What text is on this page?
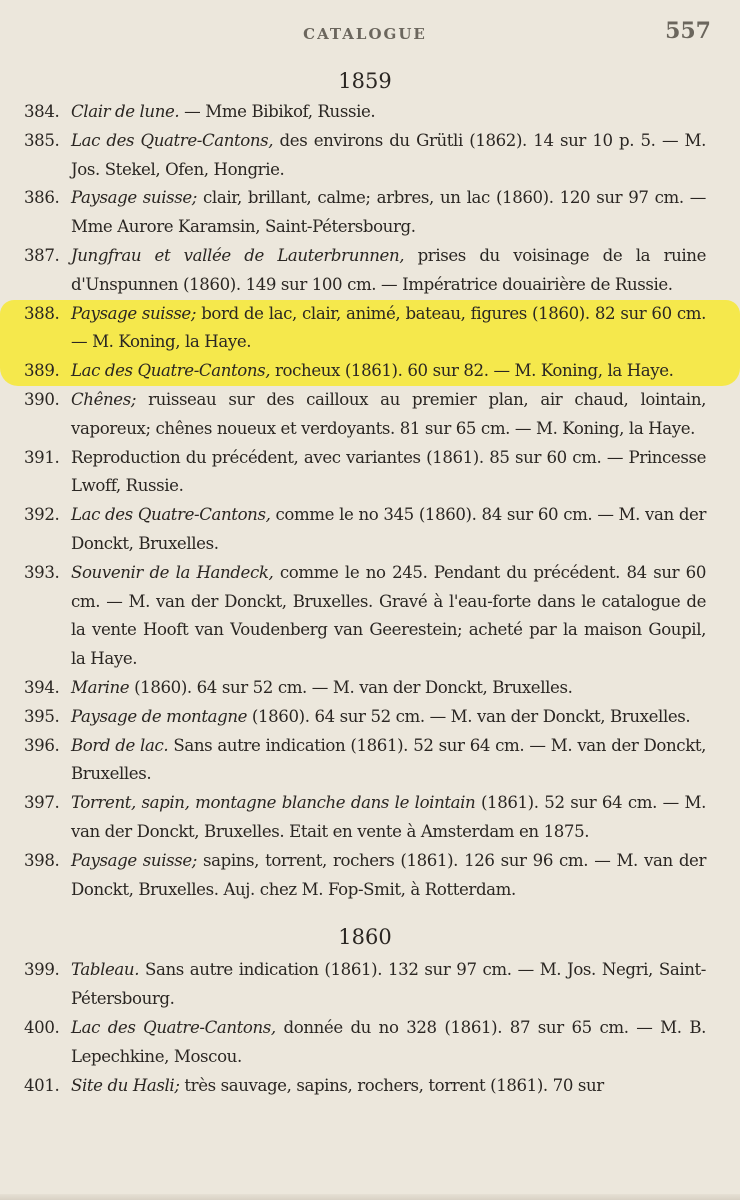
CATALOGUE	557
1859
384. Clair de lune. — Mme Bibikof, Russie.
385. Lac des Quatre-Cantons, des environs du Grütli (1862). 14 sur 10 p. 5. — M. Jos. Stekel, Ofen, Hongrie.
386. Paysage suisse; clair, brillant, calme; arbres, un lac (1860). 120 sur 97 cm. — Mme Aurore Karamsin, Saint-Pétersbourg.
387. Jungfrau et vallée de Lauterbrunnen, prises du voisinage de la ruine d'Unspunnen (1860). 149 sur 100 cm. — Impératrice douairière de Russie.
388. Paysage suisse; bord de lac, clair, animé, bateau, figures (1860). 82 sur 60 cm. — M. Koning, la Haye.
389. Lac des Quatre-Cantons, rocheux (1861). 60 sur 82. — M. Koning, la Haye.
390. Chênes; ruisseau sur des cailloux au premier plan, air chaud, lointain, vaporeux; chênes noueux et verdoyants. 81 sur 65 cm. — M. Koning, la Haye.
391. Reproduction du précédent, avec variantes (1861). 85 sur 60 cm. — Princesse Lwoff, Russie.
392. Lac des Quatre-Cantons, comme le no 345 (1860). 84 sur 60 cm. — M. van der Donckt, Bruxelles.
393. Souvenir de la Handeck, comme le no 245. Pendant du précédent. 84 sur 60 cm. — M. van der Donckt, Bruxelles. Gravé à l'eau-forte dans le catalogue de la vente Hooft van Voudenberg van Geerestein; acheté par la maison Goupil, la Haye.
394. Marine (1860). 64 sur 52 cm. — M. van der Donckt, Bruxelles.
395. Paysage de montagne (1860). 64 sur 52 cm. — M. van der Donckt, Bruxelles.
396. Bord de lac. Sans autre indication (1861). 52 sur 64 cm. — M. van der Donckt, Bruxelles.
397. Torrent, sapin, montagne blanche dans le lointain (1861). 52 sur 64 cm. — M. van der Donckt, Bruxelles. Etait en vente à Amsterdam en 1875.
398. Paysage suisse; sapins, torrent, rochers (1861). 126 sur 96 cm. — M. van der Donckt, Bruxelles. Auj. chez M. Fop-Smit, à Rotterdam.
1860
399. Tableau. Sans autre indication (1861). 132 sur 97 cm. — M. Jos. Negri, Saint-Pétersbourg.
400. Lac des Quatre-Cantons, donnée du no 328 (1861). 87 sur 65 cm. — M. B. Lepechkine, Moscou.
401. Site du Hasli; très sauvage, sapins, rochers, torrent (1861). 70 sur
